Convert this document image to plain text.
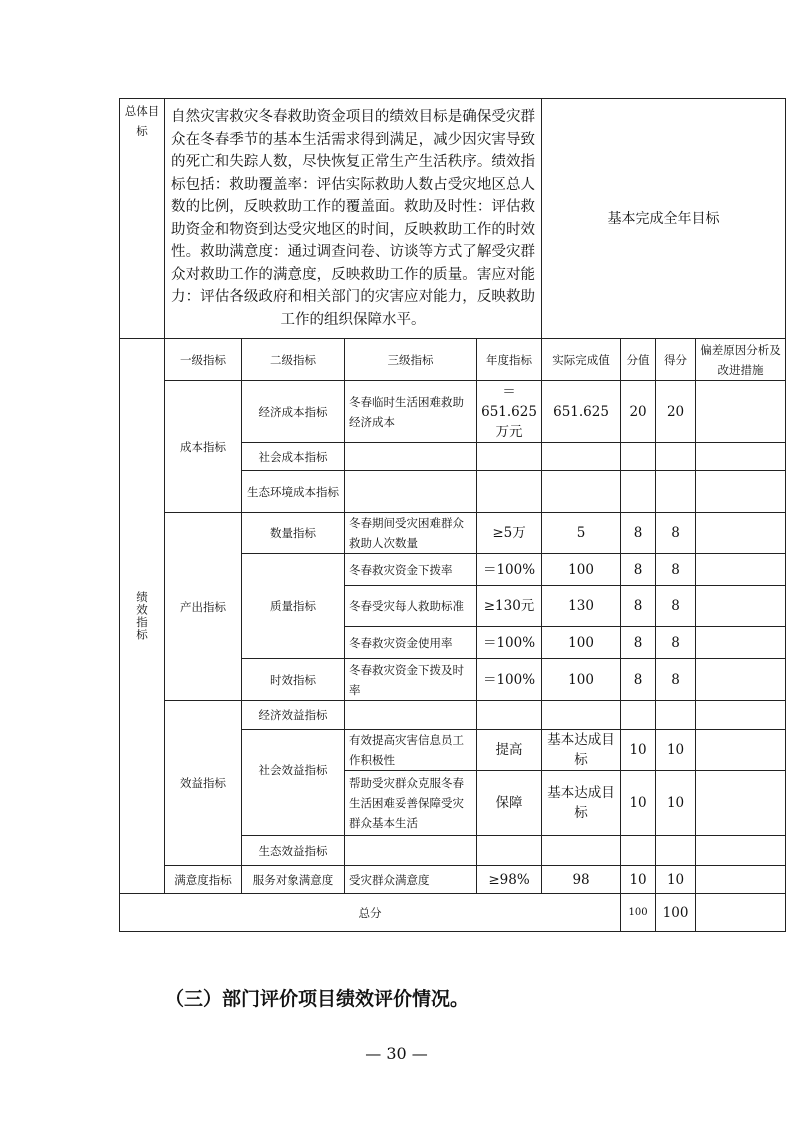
总体目标	自然灾害救灾冬春救助资金项目的绩效目标是确保受灾群众在冬春季节的基本生活需求得到满足，减少因灾害导致的死亡和失踪人数，尽快恢复正常生产生活秩序。绩效指标包括：救助覆盖率：评估实际救助人数占受灾地区总人数的比例，反映救助工作的覆盖面。救助及时性：评估救助资金和物资到达受灾地区的时间，反映救助工作的时效性。救助满意度：通过调查问卷、访谈等方式了解受灾群众对救助工作的满意度，反映救助工作的质量。害应对能力：评估各级政府和相关部门的灾害应对能力，反映救助工作的组织保障水平。				基本完成全年目标			
绩效指标	一级指标	二级指标	三级指标	年度指标	实际完成值	分值	得分	偏差原因分析及改进措施
	成本指标	经济成本指标	冬春临时生活困难救助经济成本	＝651.625万元	651.625	20	20	
		社会成本指标						
		生态环境成本指标						
	产出指标	数量指标	冬春期间受灾困难群众救助人次数量	≥5万	5	8	8	
		质量指标	冬春救灾资金下拨率	＝100%	100	8	8	
			冬春受灾每人救助标准	≥130元	130	8	8	
			冬春救灾资金使用率	＝100%	100	8	8	
		时效指标	冬春救灾资金下拨及时率	＝100%	100	8	8	
	效益指标	经济效益指标						
		社会效益指标	有效提高灾害信息员工作积极性	提高	基本达成目标	10	10	
			帮助受灾群众克服冬春生活困难妥善保障受灾群众基本生活	保障	基本达成目标	10	10	
		生态效益指标						
	满意度指标	服务对象满意度	受灾群众满意度	≥98%	98	10	10	
总分						100	100	
（三）部门评价项目绩效评价情况。
— 30 —
